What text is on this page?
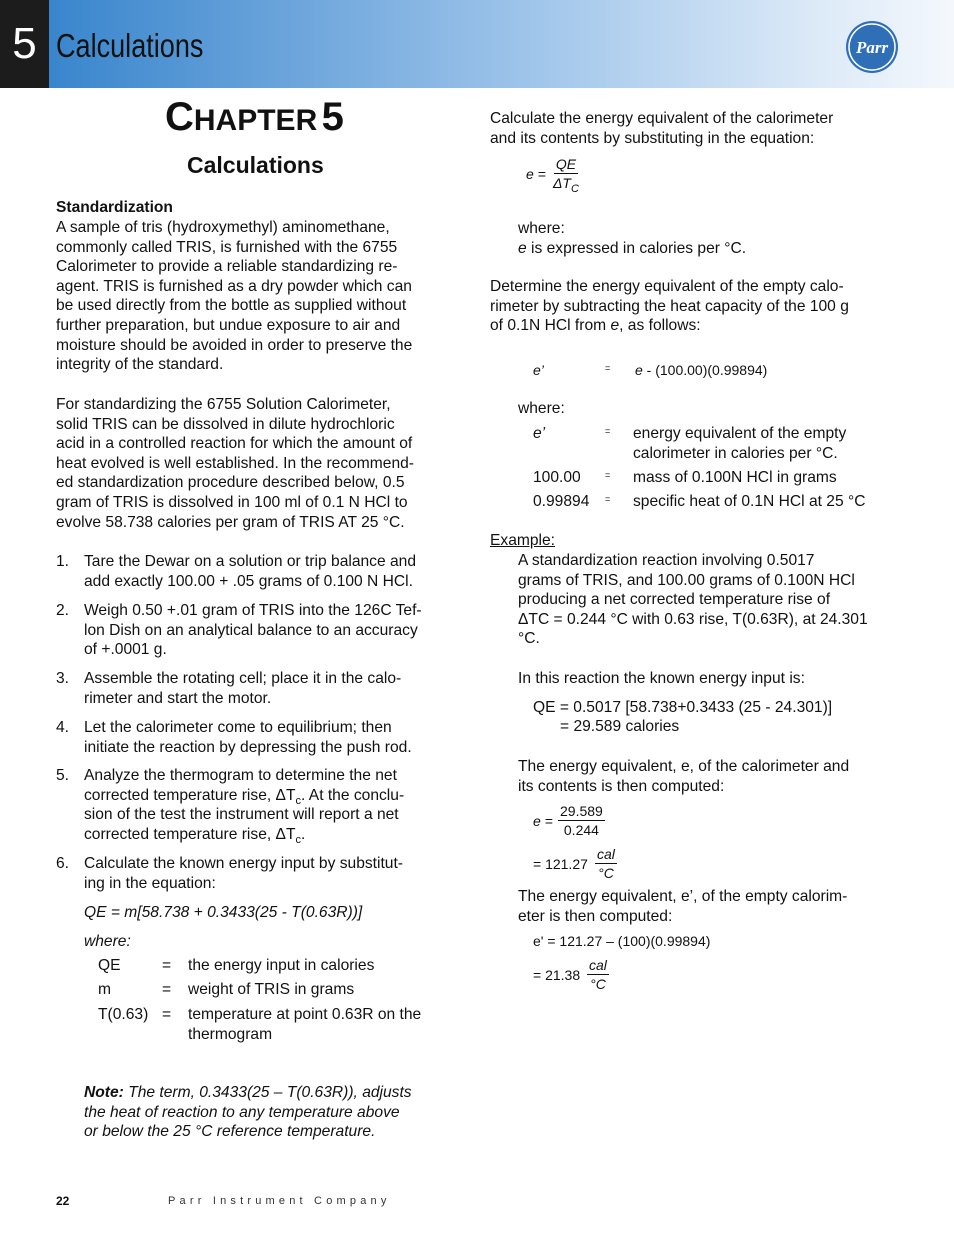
5 Calculations	Parr
CHAPTER 5
Calculations
Standardization
A sample of tris (hydroxymethyl) aminomethane,
commonly called TRIS, is furnished with the 6755
Calorimeter to provide a reliable standardizing re-
agent. TRIS is furnished as a dry powder which can
be used directly from the bottle as supplied without
further preparation, but undue exposure to air and
moisture should be avoided in order to preserve the
integrity of the standard.
For standardizing the 6755 Solution Calorimeter,
solid TRIS can be dissolved in dilute hydrochloric
acid in a controlled reaction for which the amount of
heat evolved is well established. In the recommend-
ed standardization procedure described below, 0.5
gram of TRIS is dissolved in 100 ml of 0.1 N HCl to
evolve 58.738 calories per gram of TRIS AT 25 °C.
1. Tare the Dewar on a solution or trip balance and
add exactly 100.00 + .05 grams of 0.100 N HCl.
2. Weigh 0.50 +.01 gram of TRIS into the 126C Tef-
lon Dish on an analytical balance to an accuracy
of +.0001 g.
3. Assemble the rotating cell; place it in the calo-
rimeter and start the motor.
4. Let the calorimeter come to equilibrium; then
initiate the reaction by depressing the push rod.
5. Analyze the thermogram to determine the net
corrected temperature rise, $\Delta T_c$. At the conclu-
sion of the test the instrument will report a net
corrected temperature rise, $\Delta T_c$.
6. Calculate the known energy input by substitut-
ing in the equation:
QE = m[58.738 + 0.3433(25 - T(0.63R))]
where:
QE	= the energy input in calories
m	= weight of TRIS in grams
T(0.63) = temperature at point 0.63R on the
thermogram
Note: The term, 0.3433(25 – T(0.63R)), adjusts
the heat of reaction to any temperature above
or below the 25 °C reference temperature.
Calculate the energy equivalent of the calorimeter
and its contents by substituting in the equation:
e =
QE
$\Delta T_C$
where:
e is expressed in calories per °C.
Determine the energy equivalent of the empty calo-
rimeter by subtracting the heat capacity of the 100 g
of 0.1N HCl from e, as follows:
e’	= e - (100.00)(0.99894)
where:
e’	= energy equivalent of the empty
calorimeter in calories per °C.
100.00	= mass of 0.100N HCl in grams
0.99894 = specific heat of 0.1N HCl at 25 °C
Example:
A standardization reaction involving 0.5017
grams of TRIS, and 100.00 grams of 0.100N HCl
producing a net corrected temperature rise of
ΔTC = 0.244 °C with 0.63 rise, T(0.63R), at 24.301
°C.
In this reaction the known energy input is:
QE = 0.5017 [58.738+0.3433 (25 - 24.301)]
= 29.589 calories
The energy equivalent, e, of the calorimeter and
its contents is then computed:
$e = \frac{29.589}{0.244}$
= 121.27
cal
°C
The energy equivalent, e’, of the empty calorim-
eter is then computed:
e' = 121.27 – (100)(0.99894)
= 21.38
cal
°C
22	Parr Instrument Company
